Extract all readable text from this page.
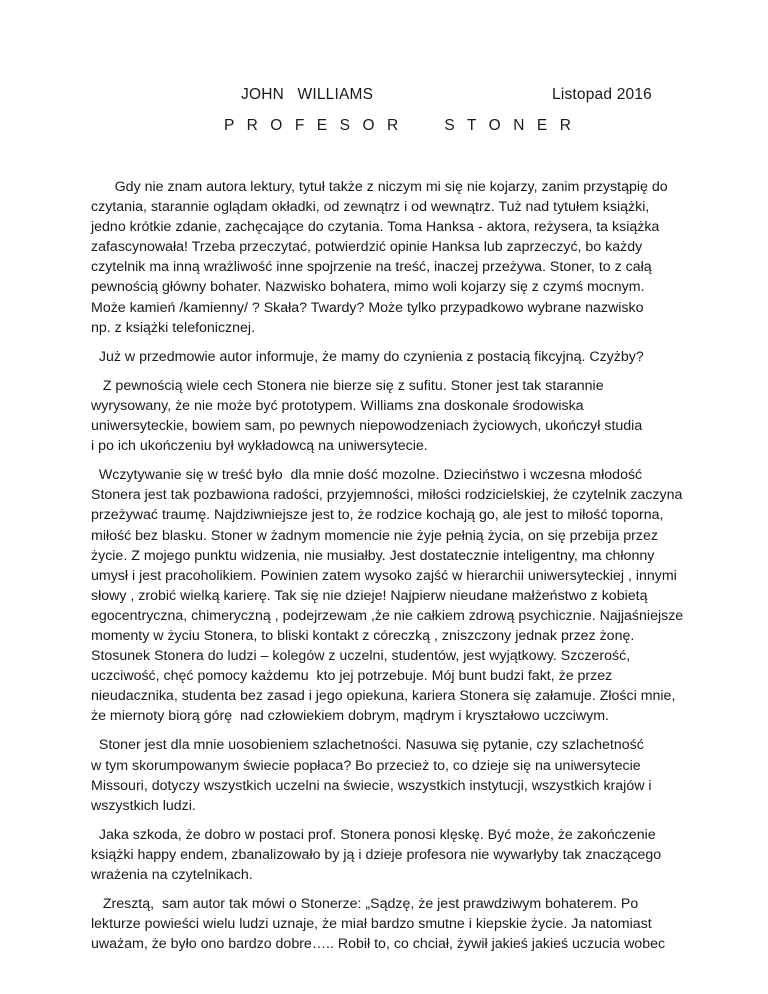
JOHN   WILLIAMS	Listopad 2016
P R O F E S O R     S T O N E R

Gdy nie znam autora lektury, tytuł także z niczym mi się nie kojarzy, zanim przystąpię do
czytania, starannie oglądam okładki, od zewnątrz i od wewnątrz. Tuż nad tytułem książki,
jedno krótkie zdanie, zachęcające do czytania. Toma Hanksa - aktora, reżysera, ta książka
zafascynowała! Trzeba przeczytać, potwierdzić opinie Hanksa lub zaprzeczyć, bo każdy
czytelnik ma inną wrażliwość inne spojrzenie na treść, inaczej przeżywa. Stoner, to z całą
pewnością główny bohater. Nazwisko bohatera, mimo woli kojarzy się z czymś mocnym.
Może kamień /kamienny/ ? Skała? Twardy? Może tylko przypadkowo wybrane nazwisko
np. z książki telefonicznej.

Już w przedmowie autor informuje, że mamy do czynienia z postacią fikcyjną. Czyżby?

Z pewnością wiele cech Stonera nie bierze się z sufitu. Stoner jest tak starannie
wyrysowany, że nie może być prototypem. Williams zna doskonale środowiska
uniwersyteckie, bowiem sam, po pewnych niepowodzeniach życiowych, ukończył studia
i po ich ukończeniu był wykładowcą na uniwersytecie.

Wczytywanie się w treść było  dla mnie dość mozolne. Dzieciństwo i wczesna młodość
Stonera jest tak pozbawiona radości, przyjemności, miłości rodzicielskiej, że czytelnik zaczyna
przeżywać traumę. Najdziwniejsze jest to, że rodzice kochają go, ale jest to miłość toporna,
miłość bez blasku. Stoner w żadnym momencie nie żyje pełnią życia, on się przebija przez
życie. Z mojego punktu widzenia, nie musiałby. Jest dostatecznie inteligentny, ma chłonny
umysł i jest pracoholikiem. Powinien zatem wysoko zajść w hierarchii uniwersyteckiej , innymi
słowy , zrobić wielką karierę. Tak się nie dzieje! Najpierw nieudane małżeństwo z kobietą
egocentryczna, chimeryczną , podejrzewam ,że nie całkiem zdrową psychicznie. Najjaśniejsze
momenty w życiu Stonera, to bliski kontakt z córeczką , zniszczony jednak przez żonę.
Stosunek Stonera do ludzi – kolegów z uczelni, studentów, jest wyjątkowy. Szczerość,
uczciwość, chęć pomocy każdemu  kto jej potrzebuje. Mój bunt budzi fakt, że przez
nieudacznika, studenta bez zasad i jego opiekuna, kariera Stonera się załamuje. Złości mnie,
że miernoty biorą górę  nad człowiekiem dobrym, mądrym i kryształowo uczciwym.

Stoner jest dla mnie uosobieniem szlachetności. Nasuwa się pytanie, czy szlachetność
w tym skorumpowanym świecie popłaca? Bo przecież to, co dzieje się na uniwersytecie
Missouri, dotyczy wszystkich uczelni na świecie, wszystkich instytucji, wszystkich krajów i
wszystkich ludzi.

Jaka szkoda, że dobro w postaci prof. Stonera ponosi klęskę. Być może, że zakończenie
książki happy endem, zbanalizowało by ją i dzieje profesora nie wywarłyby tak znaczącego
wrażenia na czytelnikach.

Zresztą,  sam autor tak mówi o Stonerze: „Sądzę, że jest prawdziwym bohaterem. Po
lekturze powieści wielu ludzi uznaje, że miał bardzo smutne i kiepskie życie. Ja natomiast
uważam, że było ono bardzo dobre….. Robił to, co chciał, żywił jakieś jakieś uczucia wobec
